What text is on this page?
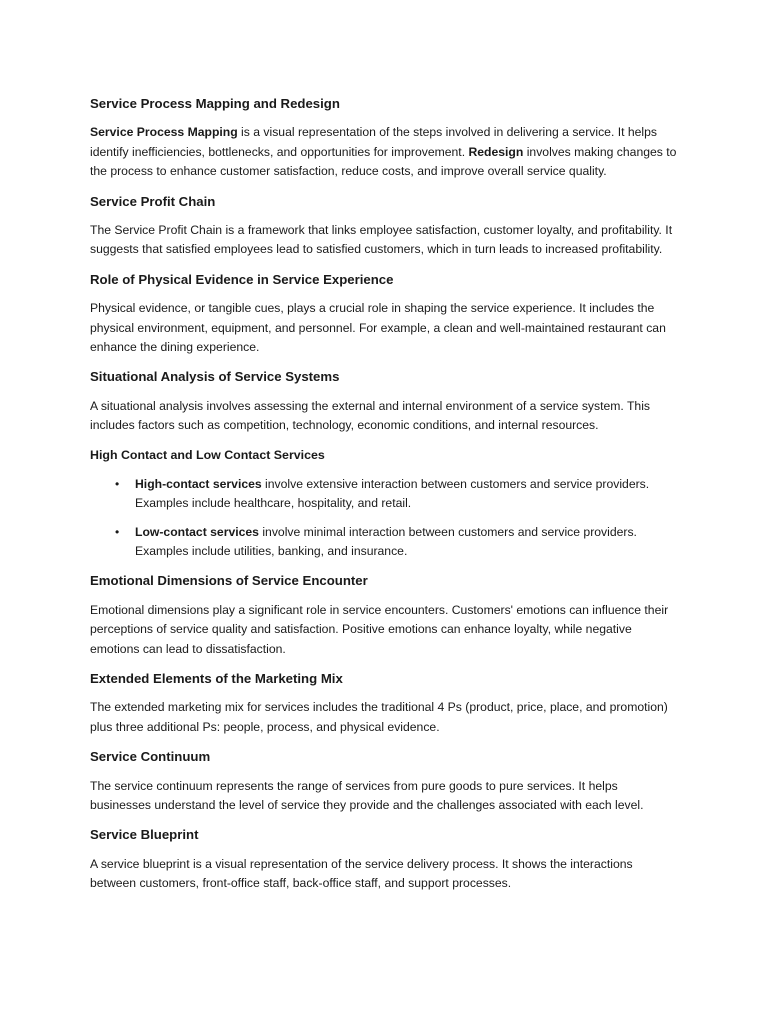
Service Process Mapping and Redesign

Service Process Mapping is a visual representation of the steps involved in delivering a service. It helps identify inefficiencies, bottlenecks, and opportunities for improvement. Redesign involves making changes to the process to enhance customer satisfaction, reduce costs, and improve overall service quality.

Service Profit Chain

The Service Profit Chain is a framework that links employee satisfaction, customer loyalty, and profitability. It suggests that satisfied employees lead to satisfied customers, which in turn leads to increased profitability.

Role of Physical Evidence in Service Experience

Physical evidence, or tangible cues, plays a crucial role in shaping the service experience. It includes the physical environment, equipment, and personnel. For example, a clean and well-maintained restaurant can enhance the dining experience.

Situational Analysis of Service Systems

A situational analysis involves assessing the external and internal environment of a service system. This includes factors such as competition, technology, economic conditions, and internal resources.

High Contact and Low Contact Services
• High-contact services involve extensive interaction between customers and service providers. Examples include healthcare, hospitality, and retail.
• Low-contact services involve minimal interaction between customers and service providers. Examples include utilities, banking, and insurance.
Emotional Dimensions of Service Encounter

Emotional dimensions play a significant role in service encounters. Customers' emotions can influence their perceptions of service quality and satisfaction. Positive emotions can enhance loyalty, while negative emotions can lead to dissatisfaction.

Extended Elements of the Marketing Mix

The extended marketing mix for services includes the traditional 4 Ps (product, price, place, and promotion) plus three additional Ps: people, process, and physical evidence.

Service Continuum

The service continuum represents the range of services from pure goods to pure services. It helps businesses understand the level of service they provide and the challenges associated with each level.

Service Blueprint

A service blueprint is a visual representation of the service delivery process. It shows the interactions between customers, front-office staff, back-office staff, and support processes.
